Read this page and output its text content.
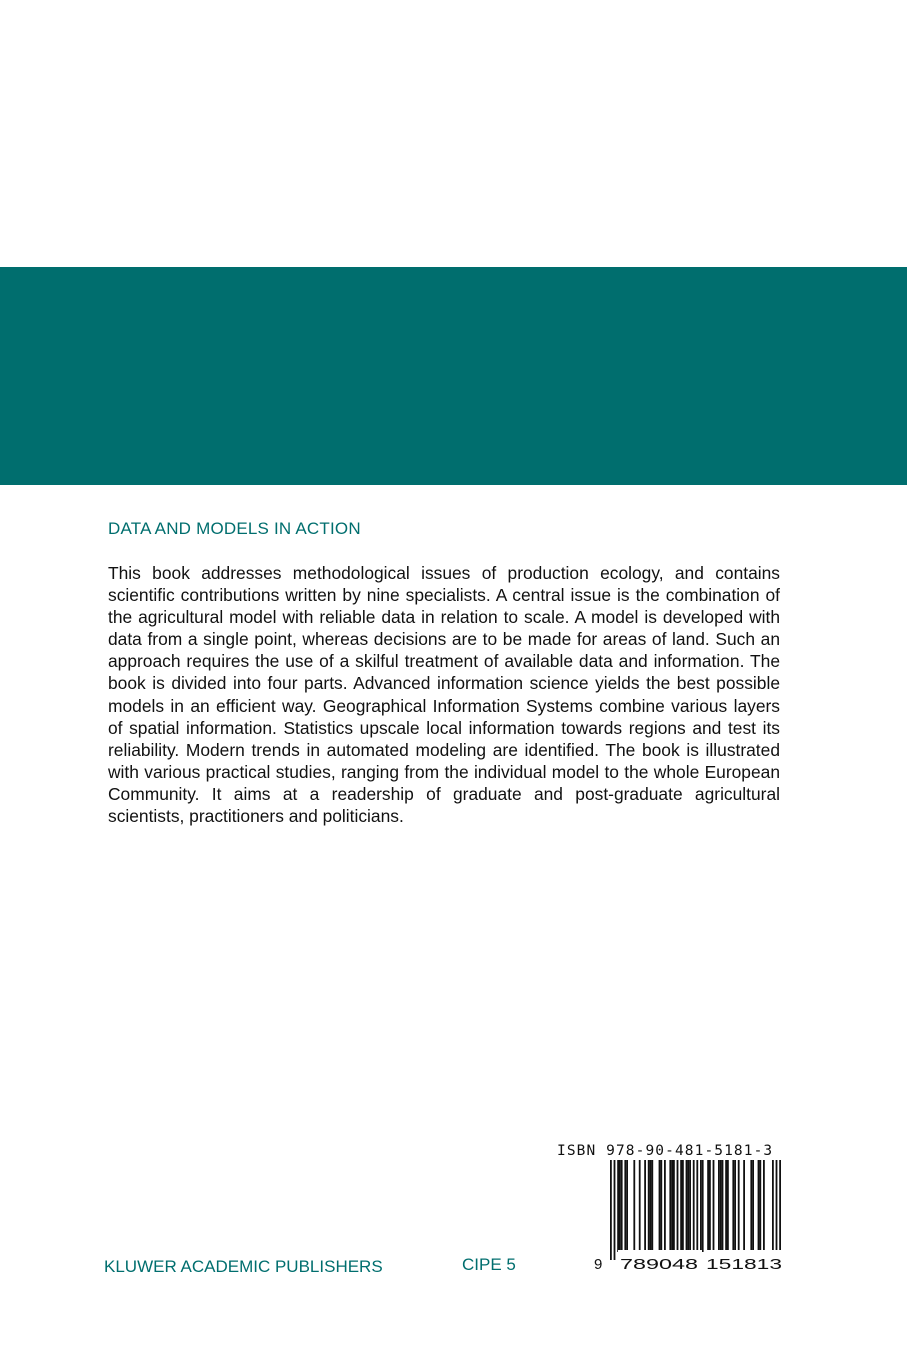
DATA AND MODELS IN ACTION

This book addresses methodological issues of production ecology, and contains scientific contributions written by nine specialists. A central issue is the combination of the agricultural model with reliable data in relation to scale. A model is developed with data from a single point, whereas decisions are to be made for areas of land. Such an approach requires the use of a skilful treatment of available data and information. The book is divided into four parts. Advanced information science yields the best possible models in an efficient way. Geographical Information Systems combine various layers of spatial information. Statistics upscale local information towards regions and test its reliability. Modern trends in automated modeling are identified. The book is illustrated with various practical studies, ranging from the individual model to the whole European Community. It aims at a readership of graduate and post-graduate agricultural scientists, practitioners and politicians.

ISBN 978-90-481-5181-3
9 789048 151813
KLUWER ACADEMIC PUBLISHERS	CIPE 5
